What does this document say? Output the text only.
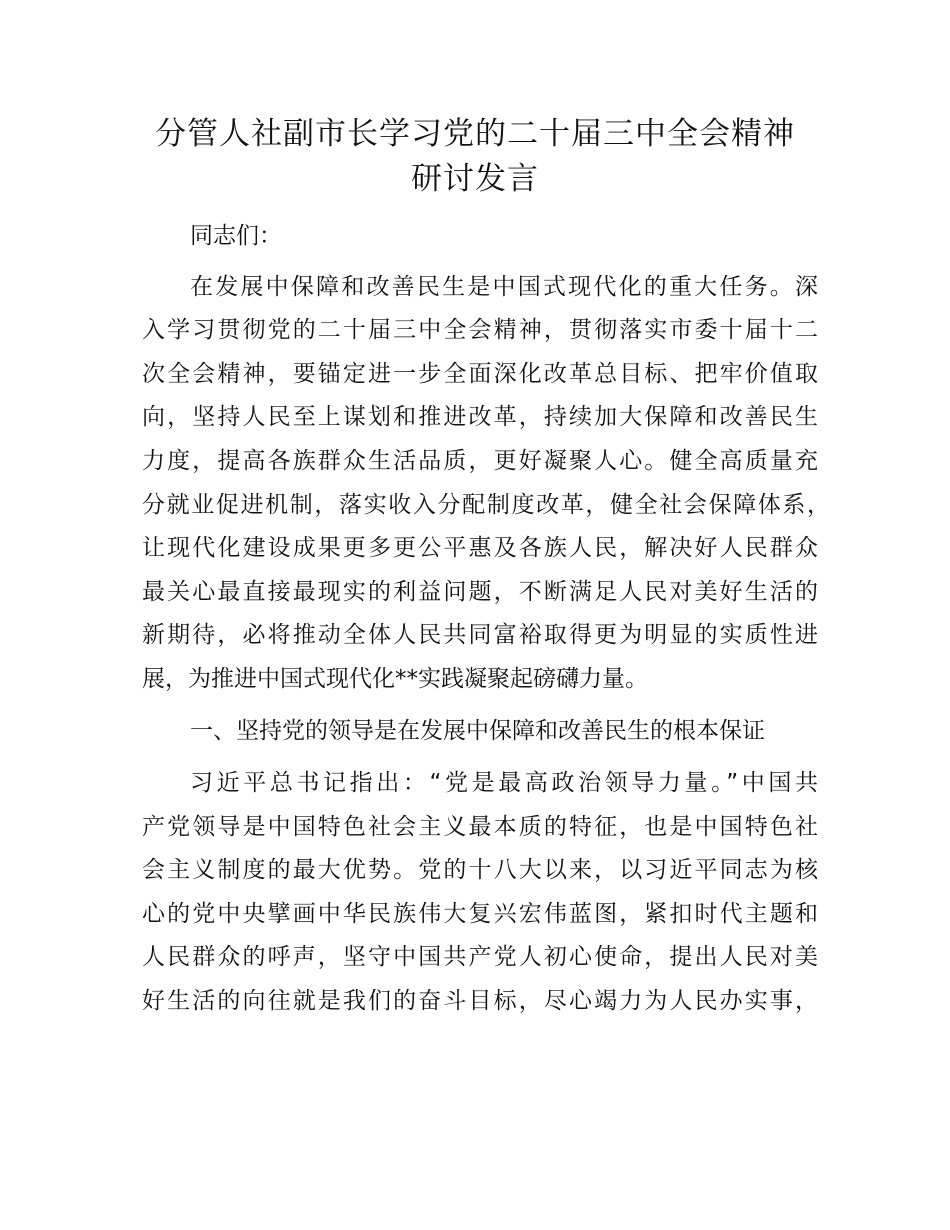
分管人社副市长学习党的二十届三中全会精神
研讨发言
同志们：
在发展中保障和改善民生是中国式现代化的重大任务。深
入学习贯彻党的二十届三中全会精神，贯彻落实市委十届十二
次全会精神，要锚定进一步全面深化改革总目标、把牢价值取
向，坚持人民至上谋划和推进改革，持续加大保障和改善民生
力度，提高各族群众生活品质，更好凝聚人心。健全高质量充
分就业促进机制，落实收入分配制度改革，健全社会保障体系，
让现代化建设成果更多更公平惠及各族人民，解决好人民群众
最关心最直接最现实的利益问题，不断满足人民对美好生活的
新期待，必将推动全体人民共同富裕取得更为明显的实质性进
展，为推进中国式现代化**实践凝聚起磅礴力量。
一、坚持党的领导是在发展中保障和改善民生的根本保证
习近平总书记指出：“党是最高政治领导力量。”中国共
产党领导是中国特色社会主义最本质的特征，也是中国特色社
会主义制度的最大优势。党的十八大以来，以习近平同志为核
心的党中央擘画中华民族伟大复兴宏伟蓝图，紧扣时代主题和
人民群众的呼声，坚守中国共产党人初心使命，提出人民对美
好生活的向往就是我们的奋斗目标，尽心竭力为人民办实事，
